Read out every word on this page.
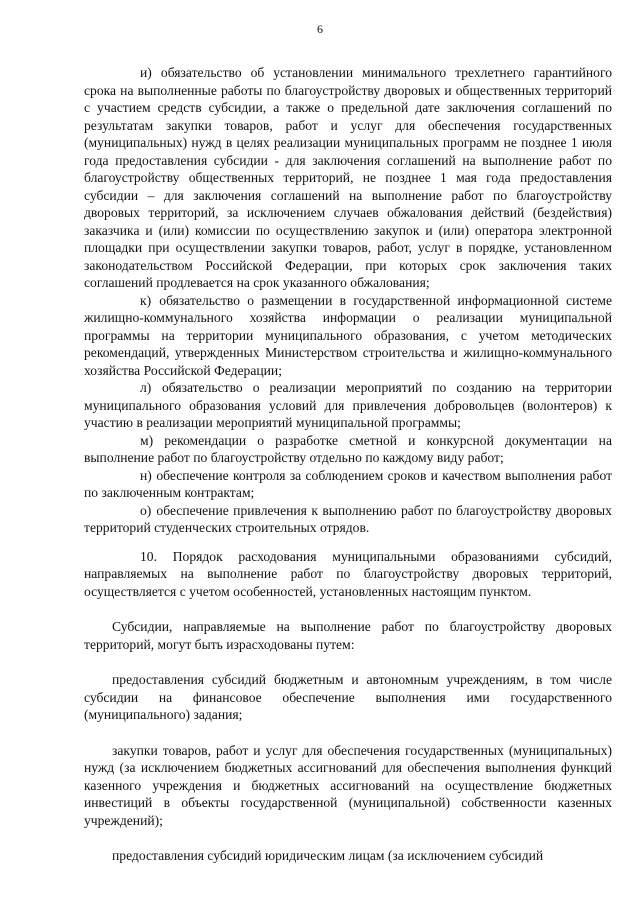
6

и) обязательство об установлении минимального трехлетнего гарантийного срока на выполненные работы по благоустройству дворовых и общественных территорий с участием средств субсидии, а также о предельной дате заключения соглашений по результатам закупки товаров, работ и услуг для обеспечения государственных (муниципальных) нужд в целях реализации муниципальных программ не позднее 1 июля года предоставления субсидии - для заключения соглашений на выполнение работ по благоустройству общественных территорий, не позднее 1 мая года предоставления субсидии – для заключения соглашений на выполнение работ по благоустройству дворовых территорий, за исключением случаев обжалования действий (бездействия) заказчика и (или) комиссии по осуществлению закупок и (или) оператора электронной площадки при осуществлении закупки товаров, работ, услуг в порядке, установленном законодательством Российской Федерации, при которых срок заключения таких соглашений продлевается на срок указанного обжалования;

к) обязательство о размещении в государственной информационной системе жилищно-коммунального хозяйства информации о реализации муниципальной программы на территории муниципального образования, с учетом методических рекомендаций, утвержденных Министерством строительства и жилищно-коммунального хозяйства Российской Федерации;

л) обязательство о реализации мероприятий по созданию на территории муниципального образования условий для привлечения добровольцев (волонтеров) к участию в реализации мероприятий муниципальной программы;

м) рекомендации о разработке сметной и конкурсной документации на выполнение работ по благоустройству отдельно по каждому виду работ;

н) обеспечение контроля за соблюдением сроков и качеством выполнения работ по заключенным контрактам;

о) обеспечение привлечения к выполнению работ по благоустройству дворовых территорий студенческих строительных отрядов.

10. Порядок расходования муниципальными образованиями субсидий, направляемых на выполнение работ по благоустройству дворовых территорий, осуществляется с учетом особенностей, установленных настоящим пунктом.

Субсидии, направляемые на выполнение работ по благоустройству дворовых территорий, могут быть израсходованы путем:

предоставления субсидий бюджетным и автономным учреждениям, в том числе субсидии на финансовое обеспечение выполнения ими государственного (муниципального) задания;

закупки товаров, работ и услуг для обеспечения государственных (муниципальных) нужд (за исключением бюджетных ассигнований для обеспечения выполнения функций казенного учреждения и бюджетных ассигнований на осуществление бюджетных инвестиций в объекты государственной (муниципальной) собственности казенных учреждений);

предоставления субсидий юридическим лицам (за исключением субсидий
